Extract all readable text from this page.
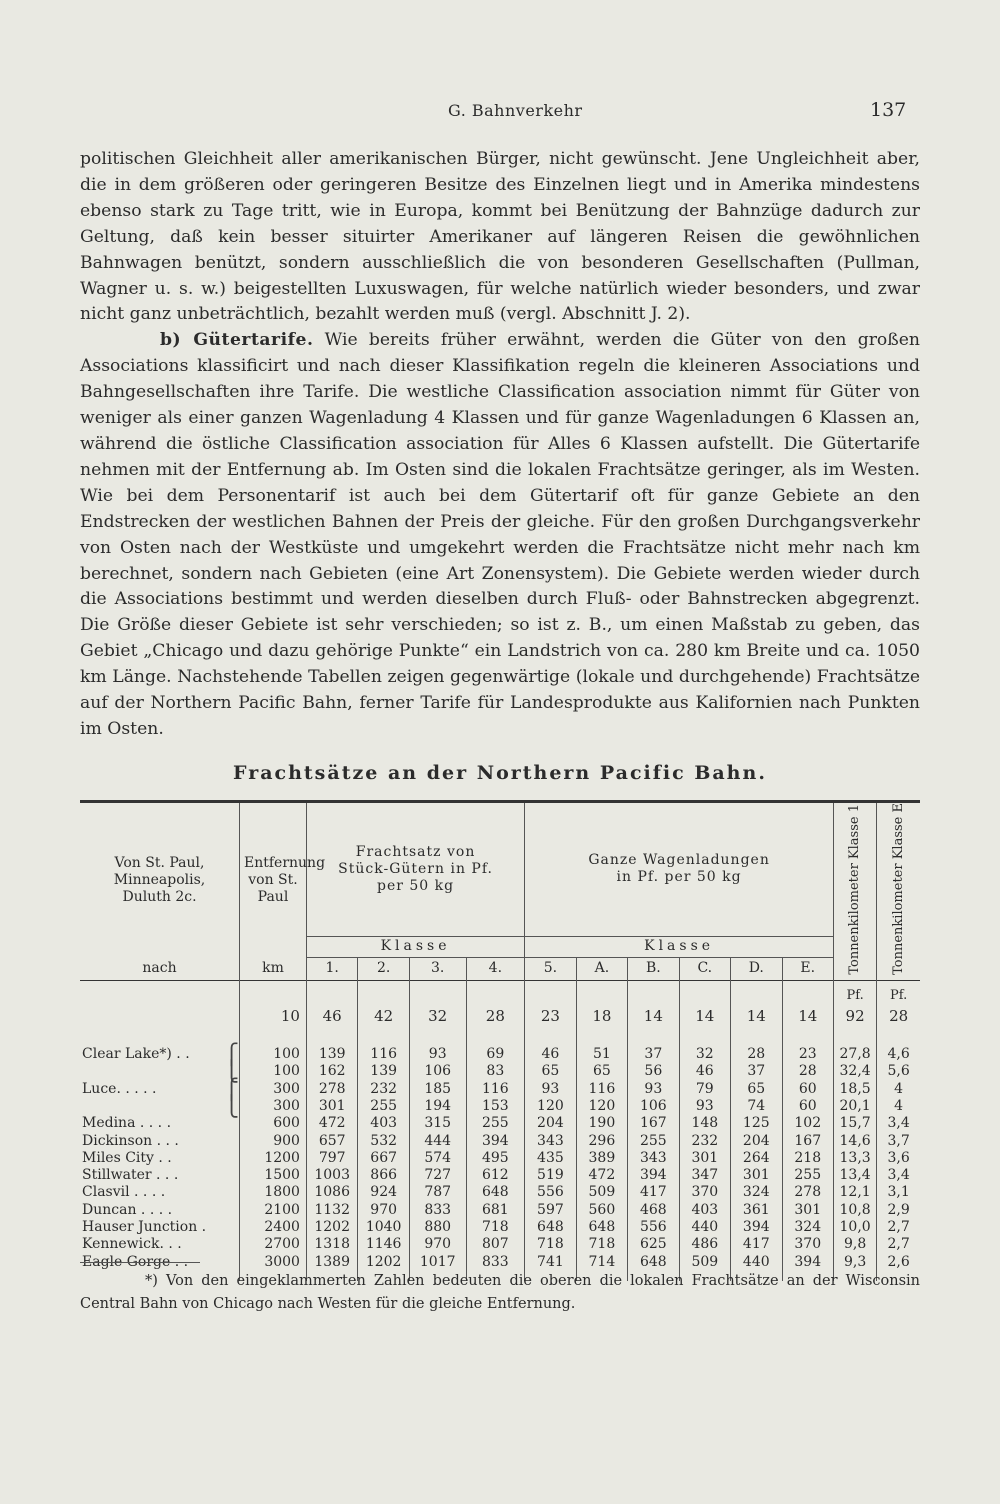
G. Bahnverkehr	137

politischen Gleichheit aller amerikanischen Bürger, nicht gewünscht. Jene Ungleichheit aber, die in dem größeren oder geringeren Besitze des Einzelnen liegt und in Amerika mindestens ebenso stark zu Tage tritt, wie in Europa, kommt bei Benützung der Bahnzüge dadurch zur Geltung, daß kein besser situirter Amerikaner auf längeren Reisen die gewöhnlichen Bahnwagen benützt, sondern ausschließlich die von besonderen Gesellschaften (Pullman, Wagner u. s. w.) beigestellten Luxuswagen, für welche natürlich wieder besonders, und zwar nicht ganz unbeträchtlich, bezahlt werden muß (vergl. Abschnitt J. 2).

b) Gütertarife. Wie bereits früher erwähnt, werden die Güter von den großen Associations klassificirt und nach dieser Klassifikation regeln die kleineren Associations und Bahngesellschaften ihre Tarife. Die westliche Classification association nimmt für Güter von weniger als einer ganzen Wagenladung 4 Klassen und für ganze Wagenladungen 6 Klassen an, während die östliche Classification association für Alles 6 Klassen aufstellt. Die Gütertarife nehmen mit der Entfernung ab. Im Osten sind die lokalen Frachtsätze geringer, als im Westen. Wie bei dem Personentarif ist auch bei dem Gütertarif oft für ganze Gebiete an den Endstrecken der westlichen Bahnen der Preis der gleiche. Für den großen Durchgangsverkehr von Osten nach der Westküste und umgekehrt werden die Frachtsätze nicht mehr nach km berechnet, sondern nach Gebieten (eine Art Zonensystem). Die Gebiete werden wieder durch die Associations bestimmt und werden dieselben durch Fluß- oder Bahnstrecken abgegrenzt. Die Größe dieser Gebiete ist sehr verschieden; so ist z. B., um einen Maßstab zu geben, das Gebiet „Chicago und dazu gehörige Punkte“ ein Landstrich von ca. 280 km Breite und ca. 1050 km Länge. Nachstehende Tabellen zeigen gegenwärtige (lokale und durchgehende) Frachtsätze auf der Northern Pacific Bahn, ferner Tarife für Landesprodukte aus Kalifornien nach Punkten im Osten.

Frachtsätze an der Northern Pacific Bahn.
Von St. Paul, Minneapolis, Duluth 2c.		Entfernung von St. Paul	Frachtsatz von Stück-Gütern in Pf. per 50 kg				Ganze Wagenladungen in Pf. per 50 kg						Tonnenkilometer Klasse 1	Tonnenkilometer Klasse E
			Klasse				Klasse							
nach		km	1.	2.	3.	4.	5.	A.	B.	C.	D.	E.		
													Pf.	Pf.
		10	46	42	32	28	23	18	14	14	14	14	92	28

Clear Lake*) . .	⎧	100	139	116	93	69	46	51	37	32	28	23	27,8	4,6
	⎩	100	162	139	106	83	65	65	56	46	37	28	32,4	5,6
Luce. . . . .	⎧	300	278	232	185	116	93	116	93	79	65	60	18,5	4
	⎩	300	301	255	194	153	120	120	106	93	74	60	20,1	4
Medina . . . .		600	472	403	315	255	204	190	167	148	125	102	15,7	3,4
Dickinson . . .		900	657	532	444	394	343	296	255	232	204	167	14,6	3,7
Miles City . .		1200	797	667	574	495	435	389	343	301	264	218	13,3	3,6
Stillwater . . .		1500	1003	866	727	612	519	472	394	347	301	255	13,4	3,4
Clasvil . . . .		1800	1086	924	787	648	556	509	417	370	324	278	12,1	3,1
Duncan . . . .		2100	1132	970	833	681	597	560	468	403	361	301	10,8	2,9
Hauser Junction .		2400	1202	1040	880	718	648	648	556	440	394	324	10,0	2,7
Kennewick. . .		2700	1318	1146	970	807	718	718	625	486	417	370	9,8	2,7
Eagle Gorge . .		3000	1389	1202	1017	833	741	714	648	509	440	394	9,3	2,6

*) Von den eingeklammerten Zahlen bedeuten die oberen die lokalen Frachtsätze an der Wisconsin Central Bahn von Chicago nach Westen für die gleiche Entfernung.
